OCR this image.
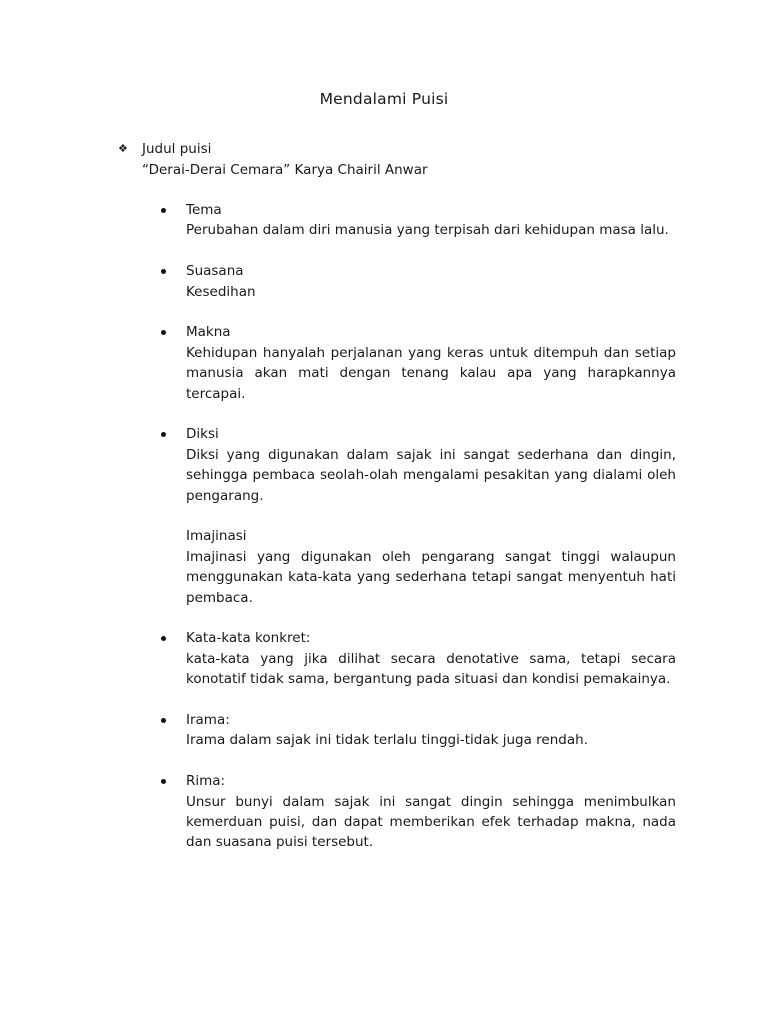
Mendalami Puisi
❖	Judul puisi
“Derai-Derai Cemara” Karya Chairil Anwar
Tema
Perubahan dalam diri manusia yang terpisah dari kehidupan masa lalu.
Suasana
Kesedihan
Makna
Kehidupan hanyalah perjalanan yang keras untuk ditempuh dan setiap manusia akan mati dengan tenang kalau apa yang harapkannya tercapai.
Diksi
Diksi yang digunakan dalam sajak ini sangat sederhana dan dingin, sehingga pembaca seolah-olah mengalami pesakitan yang dialami oleh pengarang.
Imajinasi
Imajinasi yang digunakan oleh pengarang sangat tinggi walaupun menggunakan kata-kata yang sederhana tetapi sangat menyentuh hati pembaca.
Kata-kata konkret:
kata-kata yang jika dilihat secara denotative sama, tetapi secara konotatif tidak sama, bergantung pada situasi dan kondisi pemakainya.
Irama:
Irama dalam sajak ini tidak terlalu tinggi-tidak juga rendah.
Rima:
Unsur bunyi dalam sajak ini sangat dingin sehingga menimbulkan kemerduan puisi, dan dapat memberikan efek terhadap makna, nada dan suasana puisi tersebut.
